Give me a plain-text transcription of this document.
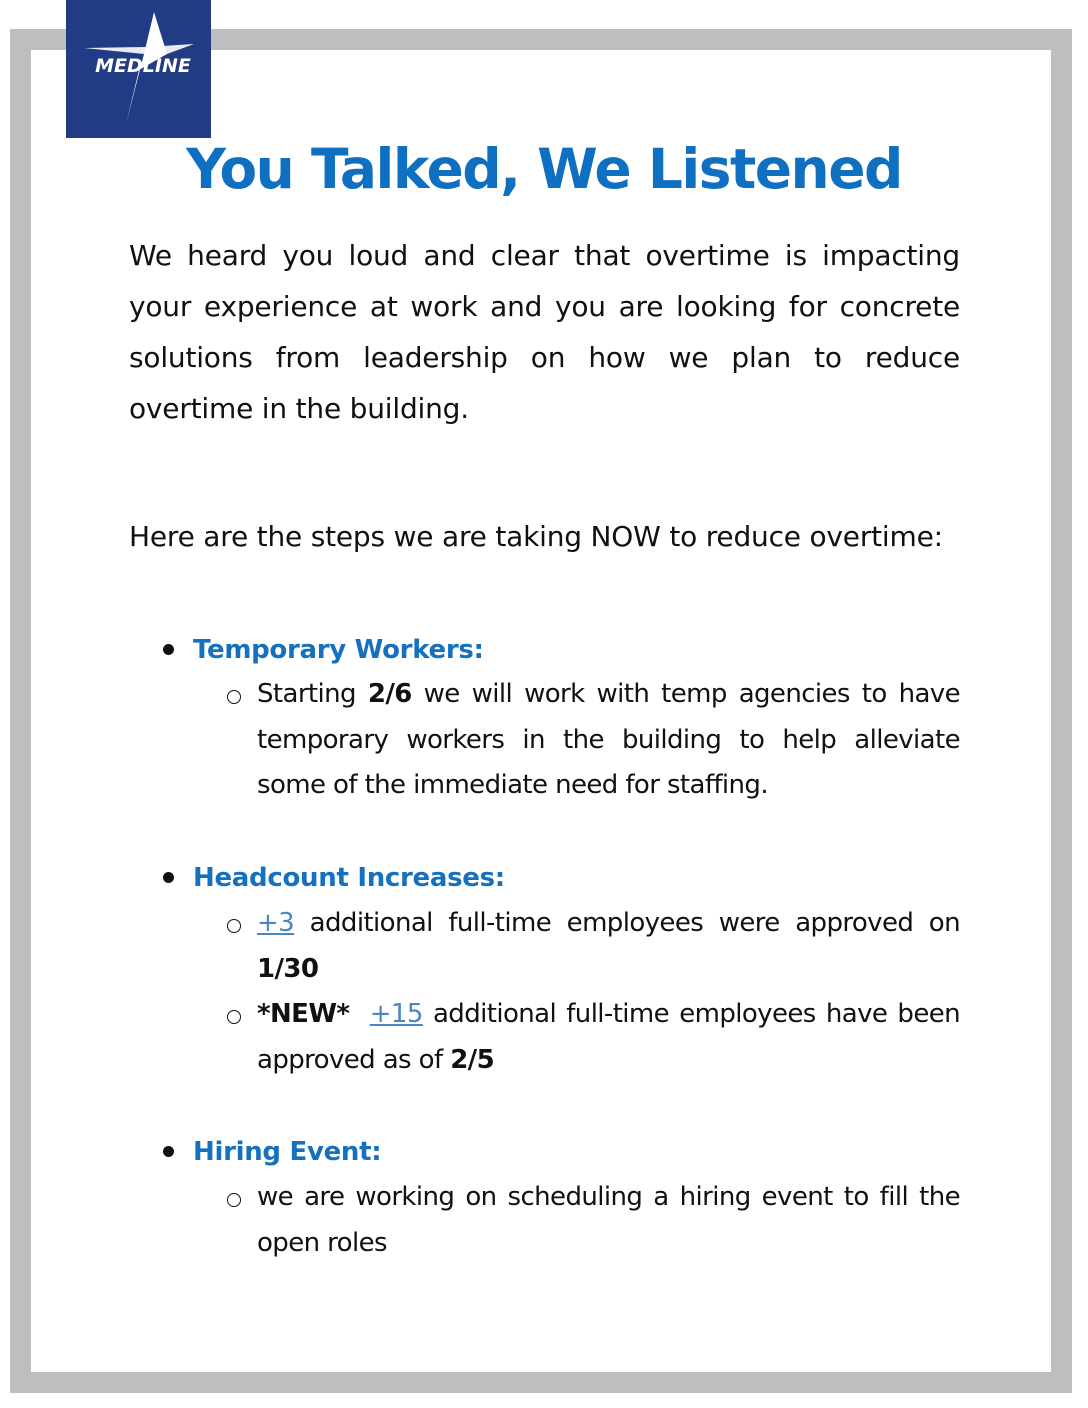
MEDLINE
You Talked, We Listened
We heard you loud and clear that overtime is impacting your experience at work and you are looking for concrete solutions from leadership on how we plan to reduce overtime in the building.
Here are the steps we are taking NOW to reduce overtime:
Temporary Workers:
Starting 2/6 we will work with temp agencies to have temporary workers in the building to help alleviate some of the immediate need for staffing.
Headcount Increases:
+3 additional full-time employees were approved on 1/30
*NEW* +15 additional full-time employees have been approved as of 2/5
Hiring Event:
we are working on scheduling a hiring event to fill the open roles
